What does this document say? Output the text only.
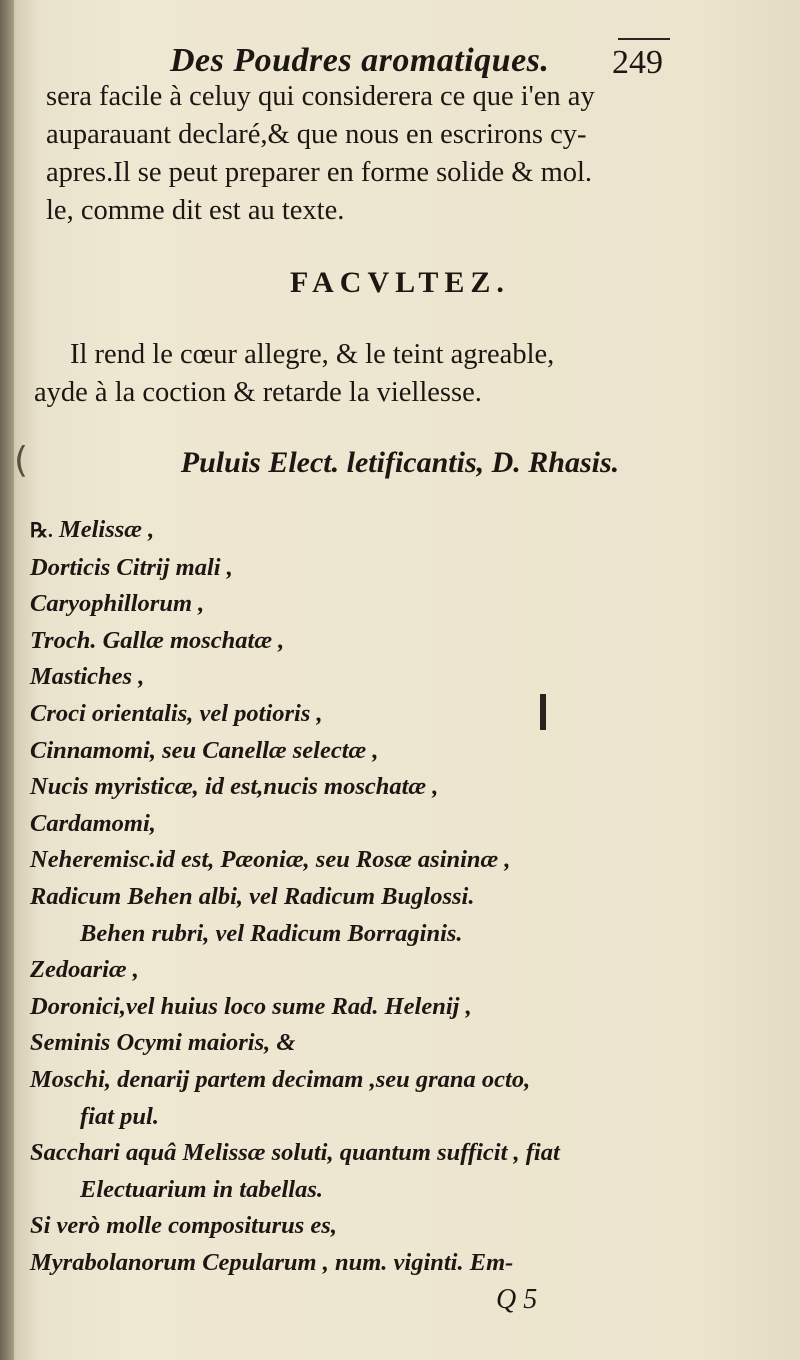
(
Des Poudres aromatiques. 249
sera facile à celuy qui considerera ce que i'en ay
auparauant declaré,& que nous en escrirons cy-
apres.Il se peut preparer en forme solide & mol.
le, comme dit est au texte.
FACVLTEZ.
Il rend le cœur allegre, & le teint agreable,
ayde à la coction & retarde la viellesse.
Puluis Elect. letificantis, D. Rhasis.
℞. Melissæ ,
Dorticis Citrij mali ,
Caryophillorum ,
Troch. Gallæ moschatæ ,
Mastiches ,
Croci orientalis, vel potioris ,
Cinnamomi, seu Canellæ selectæ ,
Nucis myristicæ, id est,nucis moschatæ ,
Cardamomi,
Neheremisc.id est, Pæoniæ, seu Rosæ asininæ ,
Radicum Behen albi, vel Radicum Buglossi.
Behen rubri, vel Radicum Borraginis.
Zedoariæ ,
Doronici,vel huius loco sume Rad. Helenij ,
Seminis Ocymi maioris, &
Moschi, denarij partem decimam ,seu grana octo,
fiat pul.
Sacchari aquâ Melissæ soluti, quantum sufficit , fiat
Electuarium in tabellas.
Si verò molle compositurus es,
Myrabolanorum Cepularum , num. viginti. Em-
Q 5
